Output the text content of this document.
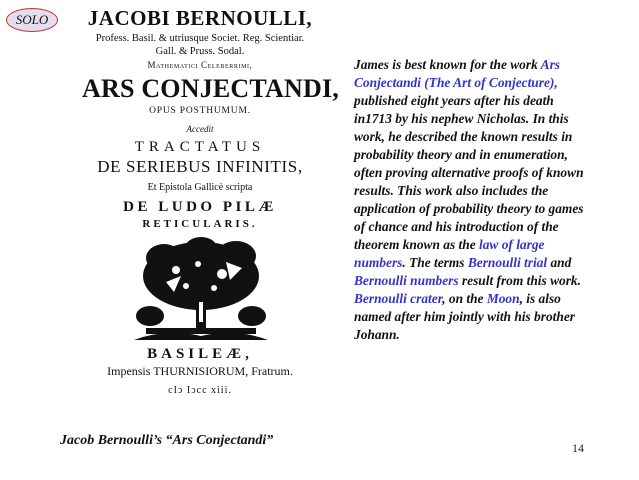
SOLO JACOBI BERNOULLI,
Profess. Basil. & utriusque Societ. Reg. Scientiar.
Gall. & Pruss. Sodal.
Mathematici Celeberrimi,
ARS CONJECTANDI,
OPUS POSTHUMUM.
Accedit
TRACTATUS
DE SERIEBUS INFINITIS,
Et Epistola Gallicè scripta
DE LUDO PILÆ
RETICULARIS.
BASILEÆ,
Impensis THURNISIORUM, Fratrum.
cIↄ Iↄcc xiii.

James is best known for the work Ars Conjectandi (The Art of Conjecture), published eight years after his death in1713 by his nephew Nicholas. In this work, he described the known results in probability theory and in enumeration, often proving alternative proofs of known results. This work also includes the application of probability theory to games of chance and his introduction of the theorem known as the law of large numbers. The terms Bernoulli trial and Bernoulli numbers result from this work. Bernoulli crater, on the Moon, is also named after him jointly with his brother Johann.

Jacob Bernoulli’s “Ars Conjectandi”	14
